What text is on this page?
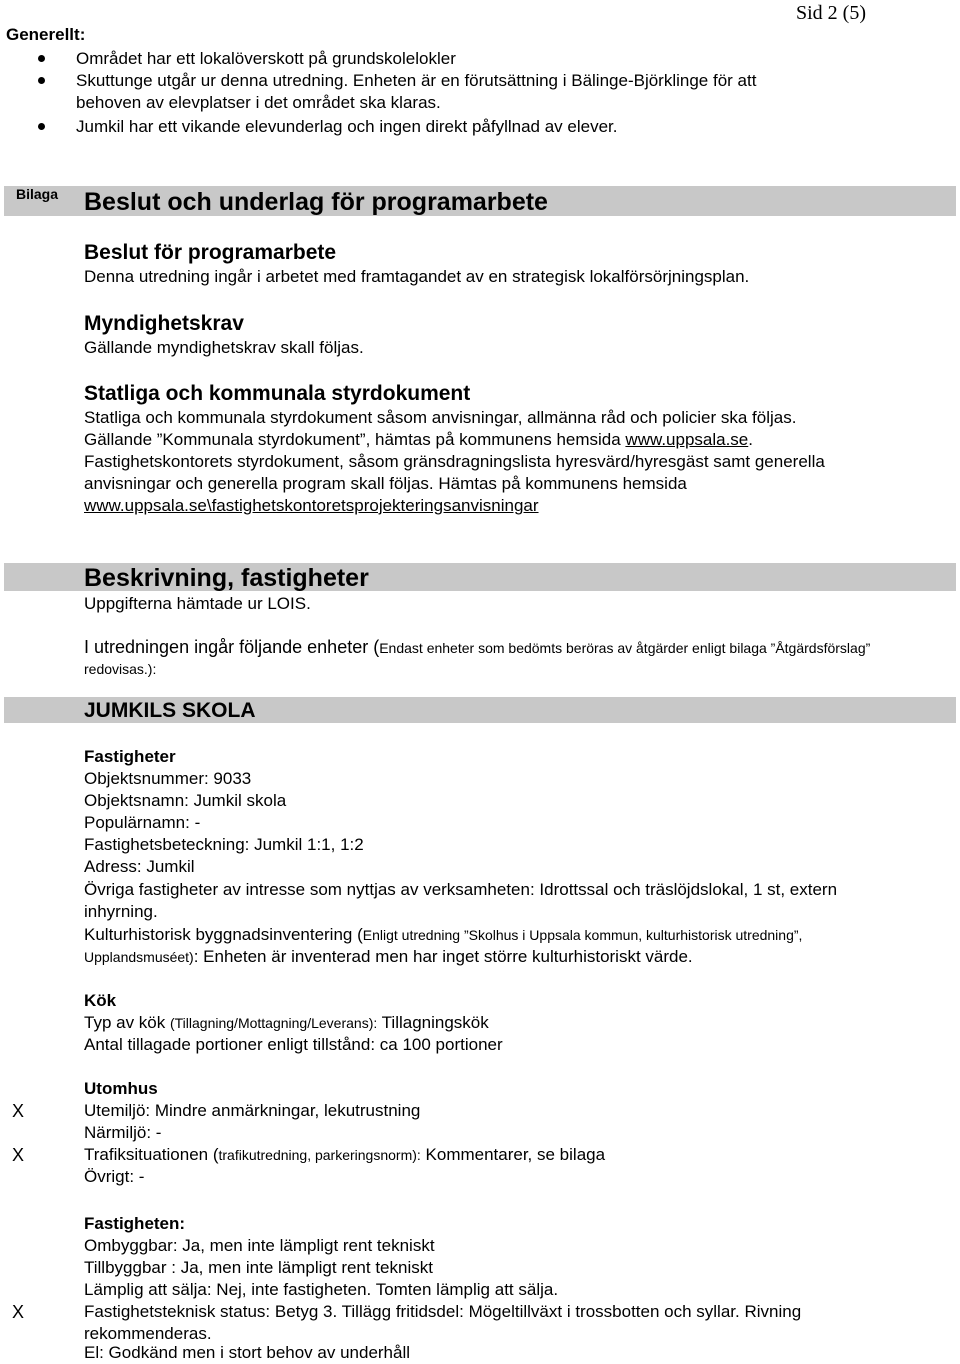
Sid 2 (5)
Generellt:
Området har ett lokalöverskott på grundskolelokler
Skuttunge utgår ur denna utredning. Enheten är en förutsättning i Bälinge-Björklinge för att
behoven av elevplatser i det området ska klaras.
Jumkil har ett vikande elevunderlag och ingen direkt påfyllnad av elever.
Bilaga Beslut och underlag för programarbete
Beslut för programarbete
Denna utredning ingår i arbetet med framtagandet av en strategisk lokalförsörjningsplan.
Myndighetskrav
Gällande myndighetskrav skall följas.
Statliga och kommunala styrdokument
Statliga och kommunala styrdokument såsom anvisningar, allmänna råd och policier ska följas.
Gällande ”Kommunala styrdokument”, hämtas på kommunens hemsida www.uppsala.se.
Fastighetskontorets styrdokument, såsom gränsdragningslista hyresvärd/hyresgäst samt generella
anvisningar och generella program skall följas. Hämtas på kommunens hemsida
www.uppsala.se\fastighetskontoretsprojekteringsanvisningar
Beskrivning, fastigheter
Uppgifterna hämtade ur LOIS.
I utredningen ingår följande enheter (Endast enheter som bedömts beröras av åtgärder enligt bilaga ”Åtgärdsförslag”
redovisas.):
JUMKILS SKOLA
Fastigheter
Objektsnummer: 9033
Objektsnamn: Jumkil skola
Populärnamn: -
Fastighetsbeteckning: Jumkil 1:1, 1:2
Adress: Jumkil
Övriga fastigheter av intresse som nyttjas av verksamheten: Idrottssal och träslöjdslokal, 1 st, extern
inhyrning.
Kulturhistorisk byggnadsinventering (Enligt utredning ”Skolhus i Uppsala kommun, kulturhistorisk utredning”,
Upplandsmuséet): Enheten är inventerad men har inget större kulturhistoriskt värde.
Kök
Typ av kök (Tillagning/Mottagning/Leverans): Tillagningskök
Antal tillagade portioner enligt tillstånd: ca 100 portioner
Utomhus
X	Utemiljö: Mindre anmärkningar, lekutrustning
Närmiljö: -
X	Trafiksituationen (trafikutredning, parkeringsnorm): Kommentarer, se bilaga
Övrigt: -
Fastigheten:
Ombyggbar: Ja, men inte lämpligt rent tekniskt
Tillbyggbar : Ja, men inte lämpligt rent tekniskt
Lämplig att sälja: Nej, inte fastigheten. Tomten lämplig att sälja.
X	Fastighetsteknisk status: Betyg 3. Tillägg fritidsdel: Mögeltillväxt i trossbotten och syllar. Rivning
rekommenderas.
El: Godkänd men i stort behov av underhåll
